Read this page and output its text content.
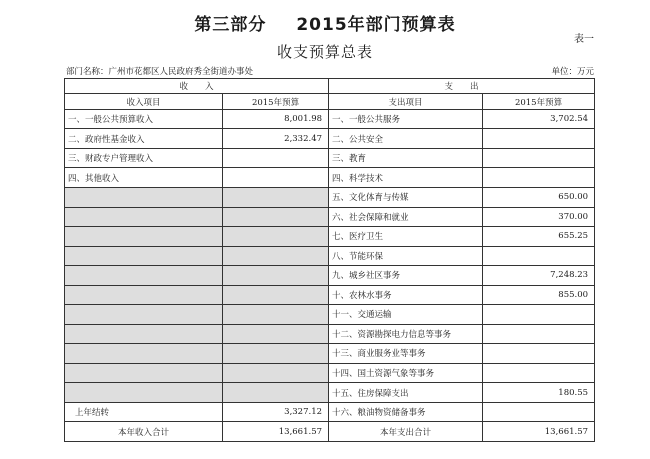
第三部分 2015年部门预算表
表一
收支预算总表
部门名称：广州市花都区人民政府秀全街道办事处	单位：万元
收　　入		支　　出	
收入项目	2015年预算	支出项目	2015年预算
一、一般公共预算收入	8,001.98	一、一般公共服务	3,702.54
二、政府性基金收入	2,332.47	二、公共安全	
三、财政专户管理收入		三、教育	
四、其他收入		四、科学技术	
		五、文化体育与传媒	650.00
		六、社会保障和就业	370.00
		七、医疗卫生	655.25
		八、节能环保	
		九、城乡社区事务	7,248.23
		十、农林水事务	855.00
		十一、交通运输	
		十二、资源勘探电力信息等事务	
		十三、商业服务业等事务	
		十四、国土资源气象等事务	
		十五、住房保障支出	180.55
上年结转	3,327.12	十六、粮油物资储备事务	
本年收入合计	13,661.57	本年支出合计	13,661.57
